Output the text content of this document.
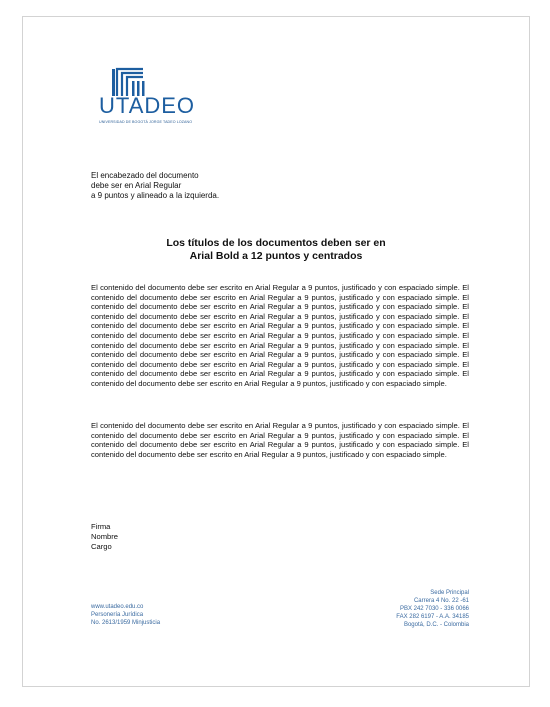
UTADEO
UNIVERSIDAD DE BOGOTÁ JORGE TADEO LOZANO
El encabezado del documento
debe ser en Arial Regular
a 9 puntos y alineado a la izquierda.
Los títulos de los documentos deben ser en
Arial Bold a 12 puntos y centrados
El contenido del documento debe ser escrito en Arial Regular a 9 puntos, justificado y con espaciado simple. El contenido del documento debe ser escrito en Arial Regular a 9 puntos, justificado y con espaciado simple. El contenido del documento debe ser escrito en Arial Regular a 9 puntos, justificado y con espaciado simple. El contenido del documento debe ser escrito en Arial Regular a 9 puntos, justificado y con espaciado simple. El contenido del documento debe ser escrito en Arial Regular a 9 puntos, justificado y con espaciado simple. El contenido del documento debe ser escrito en Arial Regular a 9 puntos, justificado y con espaciado simple. El contenido del documento debe ser escrito en Arial Regular a 9 puntos, justificado y con espaciado simple. El contenido del documento debe ser escrito en Arial Regular a 9 puntos, justificado y con espaciado simple. El contenido del documento debe ser escrito en Arial Regular a 9 puntos, justificado y con espaciado simple. El contenido del documento debe ser escrito en Arial Regular a 9 puntos, justificado y con espaciado simple. El contenido del documento debe ser escrito en Arial Regular a 9 puntos, justificado y con espaciado simple.
El contenido del documento debe ser escrito en Arial Regular a 9 puntos, justificado y con espaciado simple. El contenido del documento debe ser escrito en Arial Regular a 9 puntos, justificado y con espaciado simple. El contenido del documento debe ser escrito en Arial Regular a 9 puntos, justificado y con espaciado simple. El contenido del documento debe ser escrito en Arial Regular a 9 puntos, justificado y con espaciado simple.
Firma
Nombre
Cargo
www.utadeo.edu.co
Personería Jurídica
No. 2613/1959 Minjusticia
Sede Principal
Carrera 4 No. 22 -61
PBX 242 7030 - 336 0066
FAX 282 6197 - A.A. 34185
Bogotá, D.C. - Colombia
